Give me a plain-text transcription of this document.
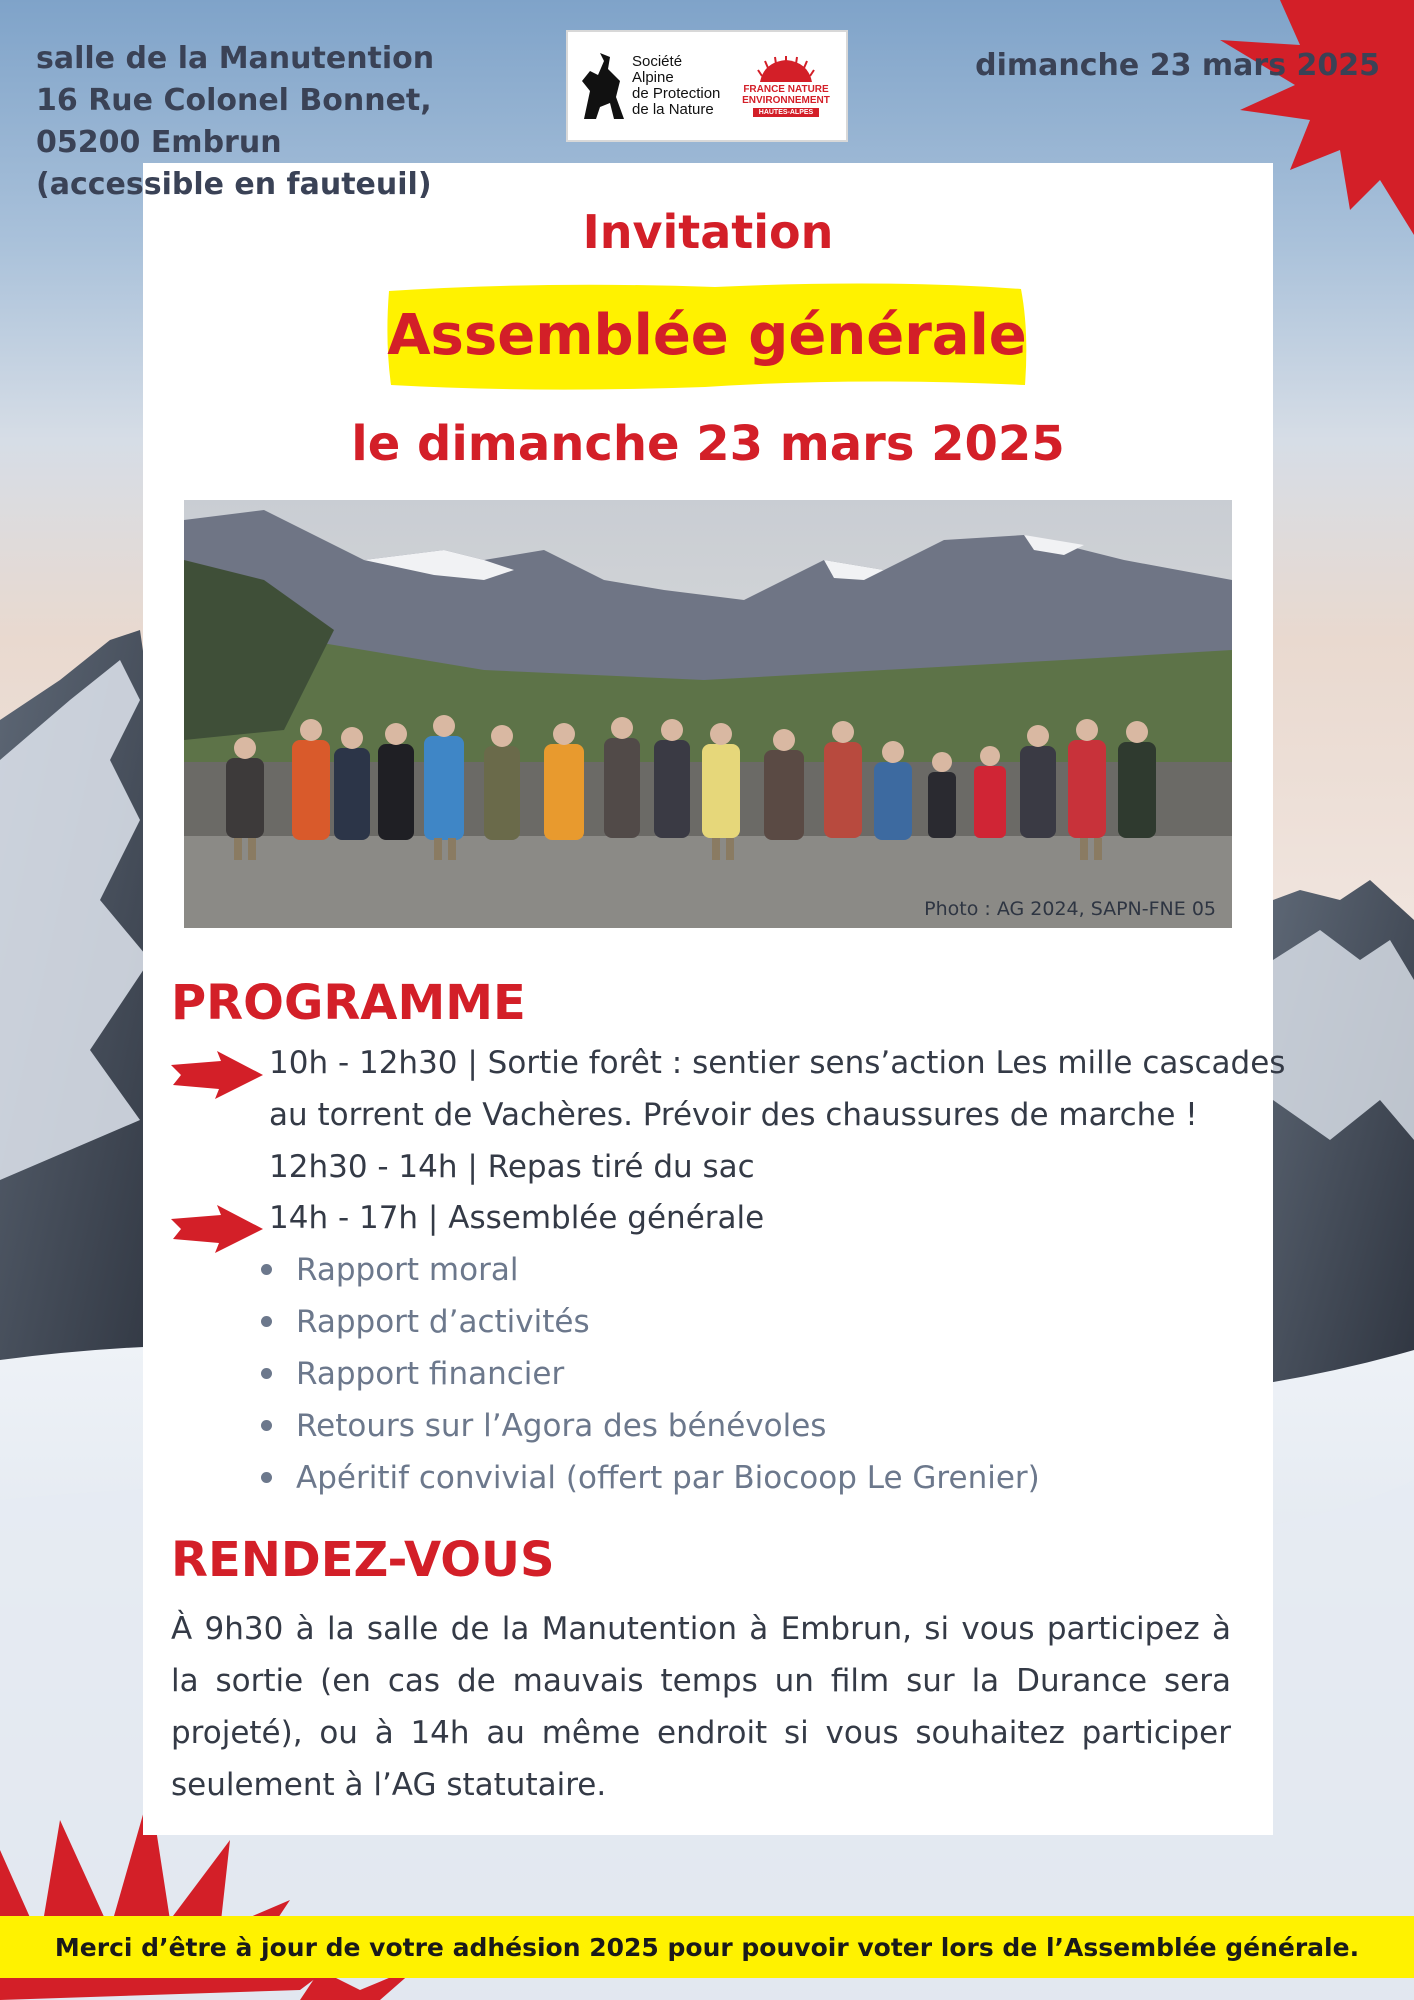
salle de la Manutention
16 Rue Colonel Bonnet,
05200 Embrun
(accessible en fauteuil)
dimanche 23 mars 2025
Société
Alpine
de Protection
de la Nature
FRANCE NATURE
ENVIRONNEMENT
HAUTES-ALPES
Invitation
Assemblée générale
le dimanche 23 mars 2025
Photo : AG 2024, SAPN-FNE 05
PROGRAMME
10h - 12h30 | Sortie forêt : sentier sens’action Les mille cascades
au torrent de Vachères. Prévoir des chaussures de marche !
12h30 - 14h | Repas tiré du sac
14h - 17h | Assemblée générale
Rapport moral
Rapport d’activités
Rapport financier
Retours sur l’Agora des bénévoles
Apéritif convivial (offert par Biocoop Le Grenier)
RENDEZ-VOUS
À 9h30 à la salle de la Manutention à Embrun, si vous participez à la sortie (en cas de mauvais temps un film sur la Durance sera projeté), ou à 14h au même endroit si vous souhaitez participer seulement à l’AG statutaire.
Merci d’être à jour de votre adhésion 2025 pour pouvoir voter lors de l’Assemblée générale.
